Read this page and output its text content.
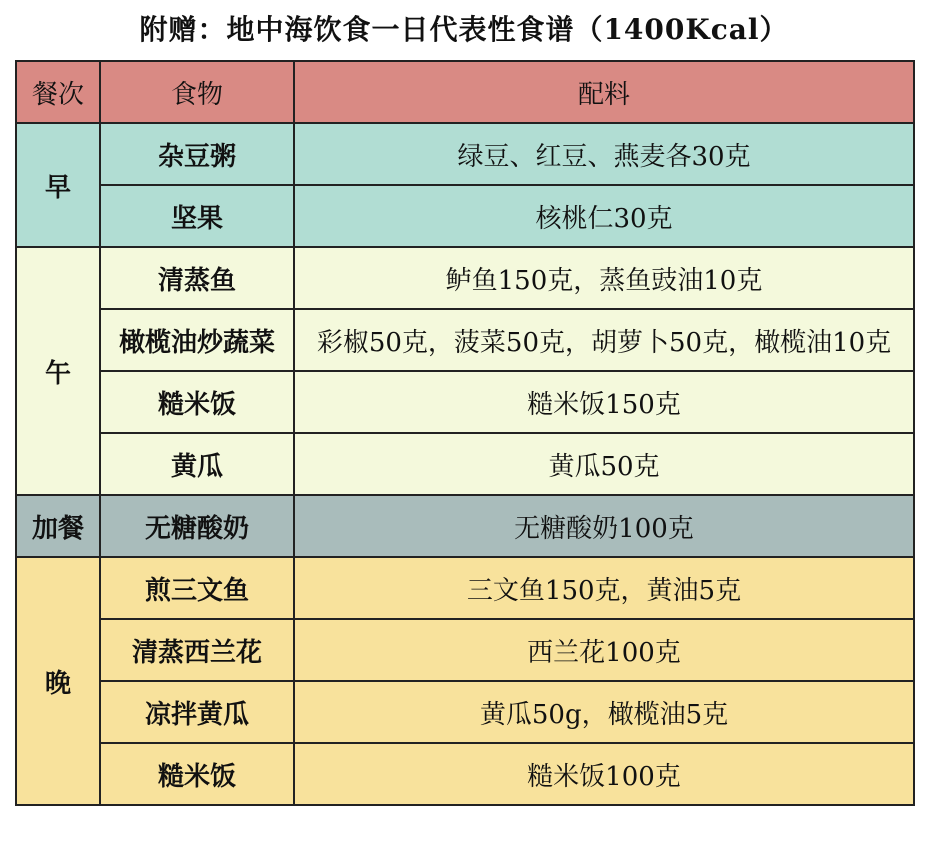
附赠：地中海饮食一日代表性食谱（1400Kcal）
餐次	食物	配料
早	杂豆粥	绿豆、红豆、燕麦各30克
	坚果	核桃仁30克
午	清蒸鱼	鲈鱼150克，蒸鱼豉油10克
	橄榄油炒蔬菜	彩椒50克，菠菜50克，胡萝卜50克，橄榄油10克
	糙米饭	糙米饭150克
	黄瓜	黄瓜50克
加餐	无糖酸奶	无糖酸奶100克
晚	煎三文鱼	三文鱼150克，黄油5克
	清蒸西兰花	西兰花100克
	凉拌黄瓜	黄瓜50g，橄榄油5克
	糙米饭	糙米饭100克
